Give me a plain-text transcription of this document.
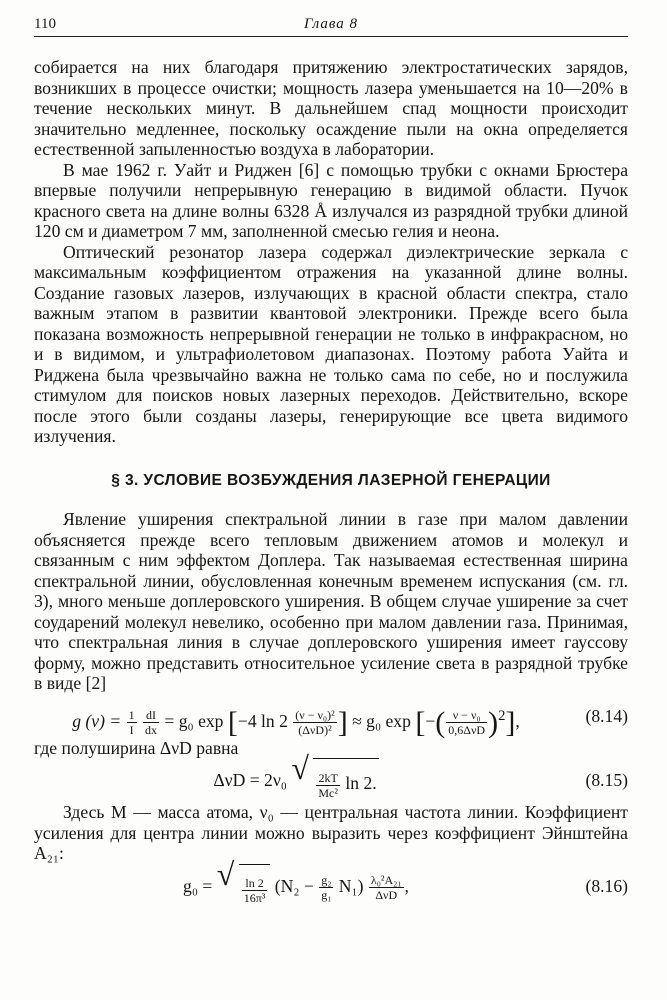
110	Глава 8

собирается на них благодаря притяжению электростатических зарядов, возникших в процессе очистки; мощность лазера уменьшается на 10—20% в течение нескольких минут. В дальнейшем спад мощности происходит значительно медленнее, поскольку осаждение пыли на окна определяется естественной запыленностью воздуха в лаборатории.

В мае 1962 г. Уайт и Риджен [6] с помощью трубки с окнами Брюстера впервые получили непрерывную генерацию в видимой области. Пучок красного света на длине волны 6328 Å излучался из разрядной трубки длиной 120 см и диаметром 7 мм, заполненной смесью гелия и неона.

Оптический резонатор лазера содержал диэлектрические зеркала с максимальным коэффициентом отражения на указанной длине волны. Создание газовых лазеров, излучающих в красной области спектра, стало важным этапом в развитии квантовой электроники. Прежде всего была показана возможность непрерывной генерации не только в инфракрасном, но и в видимом, и ультрафиолетовом диапазонах. Поэтому работа Уайта и Риджена была чрезвычайно важна не только сама по себе, но и послужила стимулом для поисков новых лазерных переходов. Действительно, вскоре после этого были созданы лазеры, генерирующие все цвета видимого излучения.

§ 3. УСЛОВИЕ ВОЗБУЖДЕНИЯ ЛАЗЕРНОЙ ГЕНЕРАЦИИ

Явление уширения спектральной линии в газе при малом давлении объясняется прежде всего тепловым движением атомов и молекул и связанным с ним эффектом Доплера. Так называемая естественная ширина спектральной линии, обусловленная конечным временем испускания (см. гл. 3), много меньше доплеровского уширения. В общем случае уширение за счет соударений молекул невелико, особенно при малом давлении газа. Принимая, что спектральная линия в случае доплеровского уширения имеет гауссову форму, можно представить относительное усиление света в разрядной трубке в виде [2]

g $(\nu) = \frac{1}{I}$
$\frac{dI}{dx} = g_0$ exp [−4 $\ln 2 \frac{\text{(ν − ν₀)²}}{\text{(ΔνD)²}}$ ] ≈ g₀ exp [−( $\frac{\text{ν − ν₀}}{\text{0,6ΔνD}} )^2$],	(8.14)

где полуширина ΔνD равна

ΔνD = 2ν₀ √ $\frac{2kT}{\text{Mc²}}$ ln 2.	(8.15)

Здесь M — масса атома, ν₀ — центральная частота линии. Коэффициент усиления для центра линии можно выразить через коэффициент Эйнштейна A₂₁:

g₀ = √ $\frac{\ln 2}{\text{16π³}} (N_2 - \frac{\text{g₂}}{\text{g₁}} N_1) \frac{\text{λ₀²A₂₁}}{\text{ΔνD}}$ ,	(8.16)
